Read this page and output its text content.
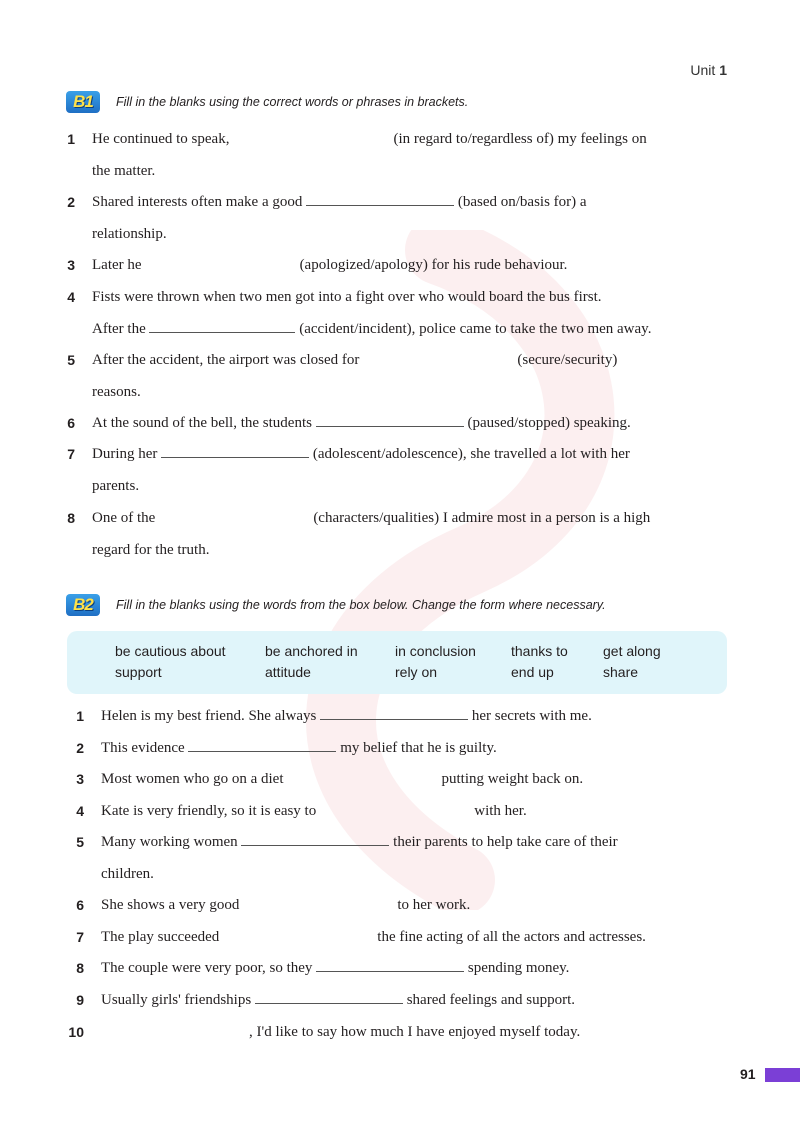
Unit 1
B1	Fill in the blanks using the correct words or phrases in brackets.
1 He continued to speak,	(in regard to/regardless of) my feelings on
the matter.
2 Shared interests often make a good	(based on/basis for) a
relationship.
3 Later he	(apologized/apology) for his rude behaviour.
4 Fists were thrown when two men got into a fight over who would board the bus first.
After the	(accident/incident), police came to take the two men away.
5 After the accident, the airport was closed for	(secure/security)
reasons.
6 At the sound of the bell, the students	(paused/stopped) speaking.
7 During her	(adolescent/adolescence), she travelled a lot with her
parents.
8 One of the	(characters/qualities) I admire most in a person is a high
regard for the truth.
B2	Fill in the blanks using the words from the box below. Change the form where necessary.
be cautious about	be anchored in	in conclusion	thanks to	get along
support	attitude	rely on	end up	share
1 Helen is my best friend. She always	her secrets with me.
2 This evidence	my belief that he is guilty.
3 Most women who go on a diet	putting weight back on.
4 Kate is very friendly, so it is easy to	with her.
5 Many working women	their parents to help take care of their
children.
6 She shows a very good	to her work.
7 The play succeeded	the fine acting of all the actors and actresses.
8 The couple were very poor, so they	spending money.
9 Usually girls' friendships	shared feelings and support.
10	, I'd like to say how much I have enjoyed myself today.
91
